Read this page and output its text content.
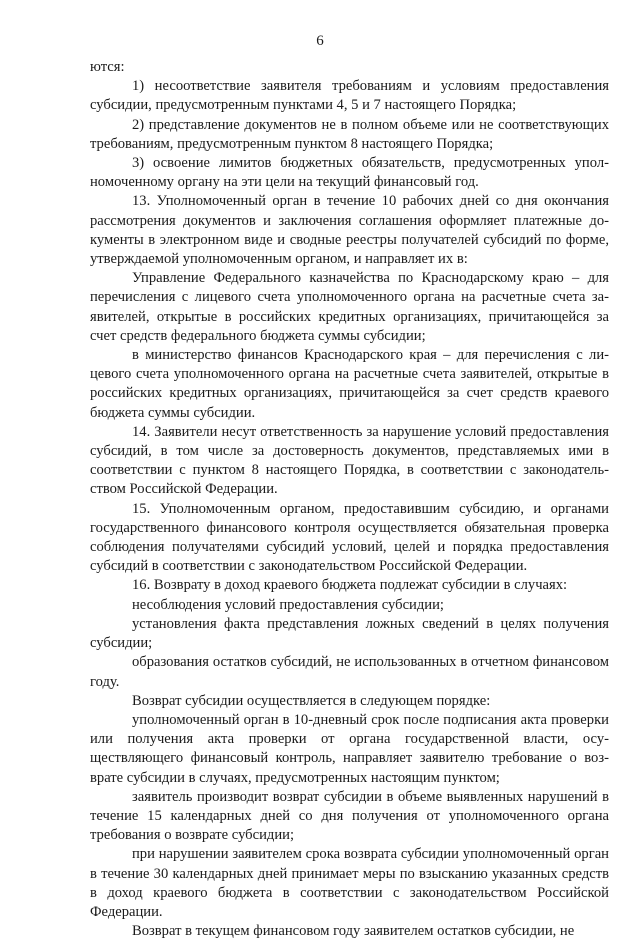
6

ются:

1) несоответствие заявителя требованиям и условиям предоставления субсидии, предусмотренным пунктами 4, 5 и 7 настоящего Порядка;

2) представление документов не в полном объеме или не соответствующих требованиям, предусмотренным пунктом 8 настоящего Порядка;

3) освоение лимитов бюджетных обязательств, предусмотренных уполномоченному органу на эти цели на текущий финансовый год.

13. Уполномоченный орган в течение 10 рабочих дней со дня окончания рассмотрения документов и заключения соглашения оформляет платежные документы в электронном виде и сводные реестры получателей субсидий по форме, утверждаемой уполномоченным органом, и направляет их в:

Управление Федерального казначейства по Краснодарскому краю – для перечисления с лицевого счета уполномоченного органа на расчетные счета заявителей, открытые в российских кредитных организациях, причитающейся за счет средств федерального бюджета суммы субсидии;

в министерство финансов Краснодарского края – для перечисления с лицевого счета уполномоченного органа на расчетные счета заявителей, открытые в российских кредитных организациях, причитающейся за счет средств краевого бюджета суммы субсидии.

14. Заявители несут ответственность за нарушение условий предоставления субсидий, в том числе за достоверность документов, представляемых ими в соответствии с пунктом 8 настоящего Порядка, в соответствии с законодательством Российской Федерации.

15. Уполномоченным органом, предоставившим субсидию, и органами государственного финансового контроля осуществляется обязательная проверка соблюдения получателями субсидий условий, целей и порядка предоставления субсидий в соответствии с законодательством Российской Федерации.

16. Возврату в доход краевого бюджета подлежат субсидии в случаях:

несоблюдения условий предоставления субсидии;

установления факта представления ложных сведений в целях получения субсидии;

образования остатков субсидий, не использованных в отчетном финансовом году.

Возврат субсидии осуществляется в следующем порядке:

уполномоченный орган в 10-дневный срок после подписания акта проверки или получения акта проверки от органа государственной власти, осуществляющего финансовый контроль, направляет заявителю требование о возврате субсидии в случаях, предусмотренных настоящим пунктом;

заявитель производит возврат субсидии в объеме выявленных нарушений в течение 15 календарных дней со дня получения от уполномоченного органа требования о возврате субсидии;

при нарушении заявителем срока возврата субсидии уполномоченный орган в течение 30 календарных дней принимает меры по взысканию указанных средств в доход краевого бюджета в соответствии с законодательством Российской Федерации.

Возврат в текущем финансовом году заявителем остатков субсидии, не
